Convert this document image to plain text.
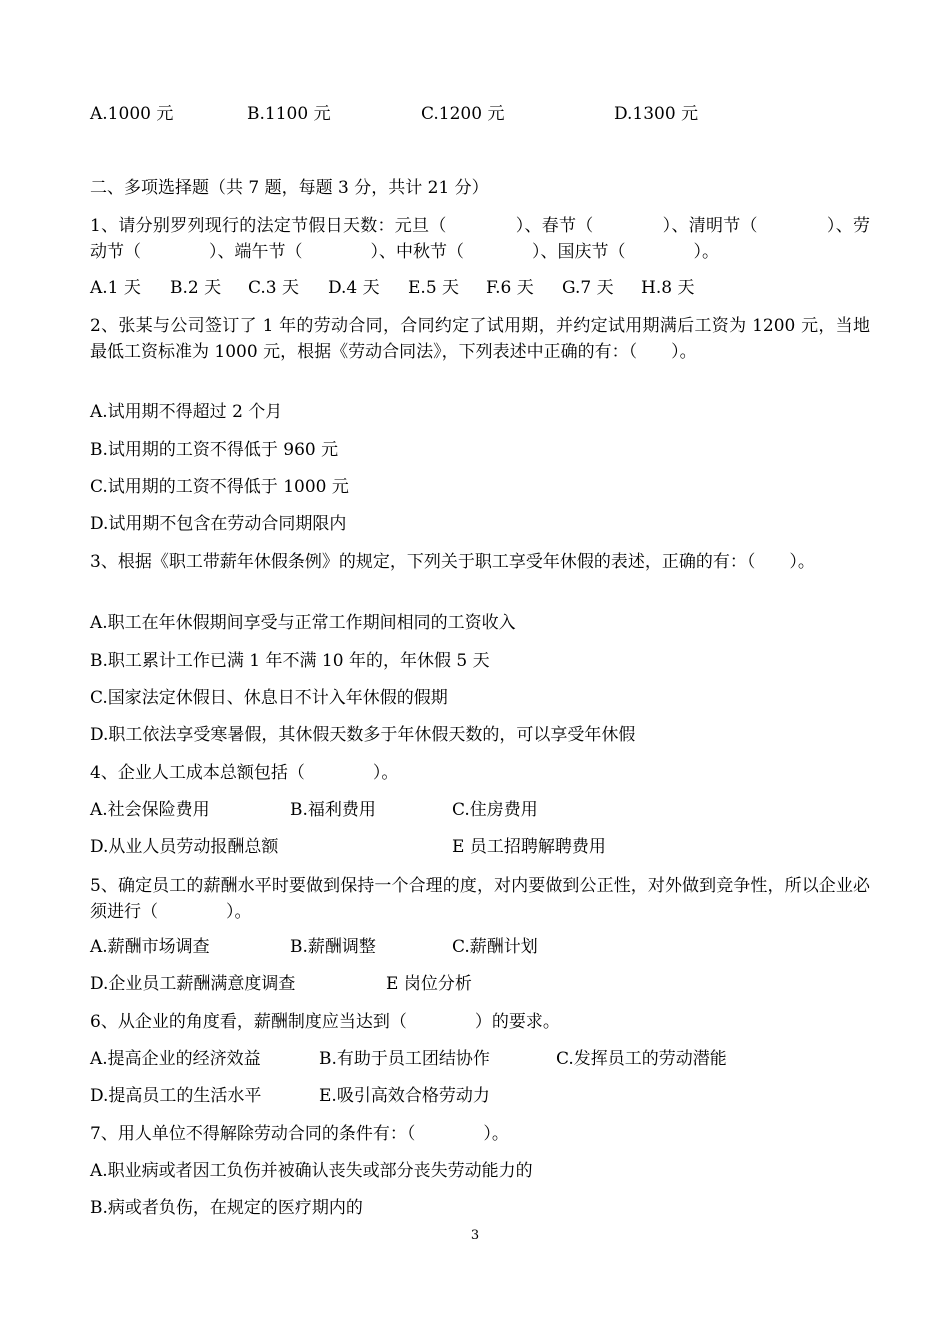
A.1000 元	B.1100 元	C.1200 元	D.1300 元
二、多项选择题（共 7 题，每题 3 分，共计 21 分）
1、请分别罗列现行的法定节假日天数：元旦（　　　　）、春节（　　　　）、清明节（　　　　）、劳动节（　　　　）、端午节（　　　　）、中秋节（　　　　）、国庆节（　　　　）。
A.1 天 B.2 天 C.3 天 D.4 天 E.5 天 F.6 天 G.7 天 H.8 天
2、张某与公司签订了 1 年的劳动合同，合同约定了试用期，并约定试用期满后工资为 1200 元，当地最低工资标准为 1000 元，根据《劳动合同法》，下列表述中正确的有：（　　）。
A.试用期不得超过 2 个月
B.试用期的工资不得低于 960 元
C.试用期的工资不得低于 1000 元
D.试用期不包含在劳动合同期限内
3、根据《职工带薪年休假条例》的规定，下列关于职工享受年休假的表述，正确的有：（　　）。
A.职工在年休假期间享受与正常工作期间相同的工资收入
B.职工累计工作已满 1 年不满 10 年的，年休假 5 天
C.国家法定休假日、休息日不计入年休假的假期
D.职工依法享受寒暑假，其休假天数多于年休假天数的，可以享受年休假
4、企业人工成本总额包括（　　　　）。
A.社会保险费用	B.福利费用	C.住房费用
D.从业人员劳动报酬总额	E 员工招聘解聘费用
5、确定员工的薪酬水平时要做到保持一个合理的度，对内要做到公正性，对外做到竞争性，所以企业必须进行（　　　　）。
A.薪酬市场调查	B.薪酬调整	C.薪酬计划
D.企业员工薪酬满意度调查	E 岗位分析
6、从企业的角度看，薪酬制度应当达到（　　　　）的要求。
A.提高企业的经济效益	B.有助于员工团结协作	C.发挥员工的劳动潜能
D.提高员工的生活水平	E.吸引高效合格劳动力
7、用人单位不得解除劳动合同的条件有：（　　　　）。
A.职业病或者因工负伤并被确认丧失或部分丧失劳动能力的
B.病或者负伤，在规定的医疗期内的
3
